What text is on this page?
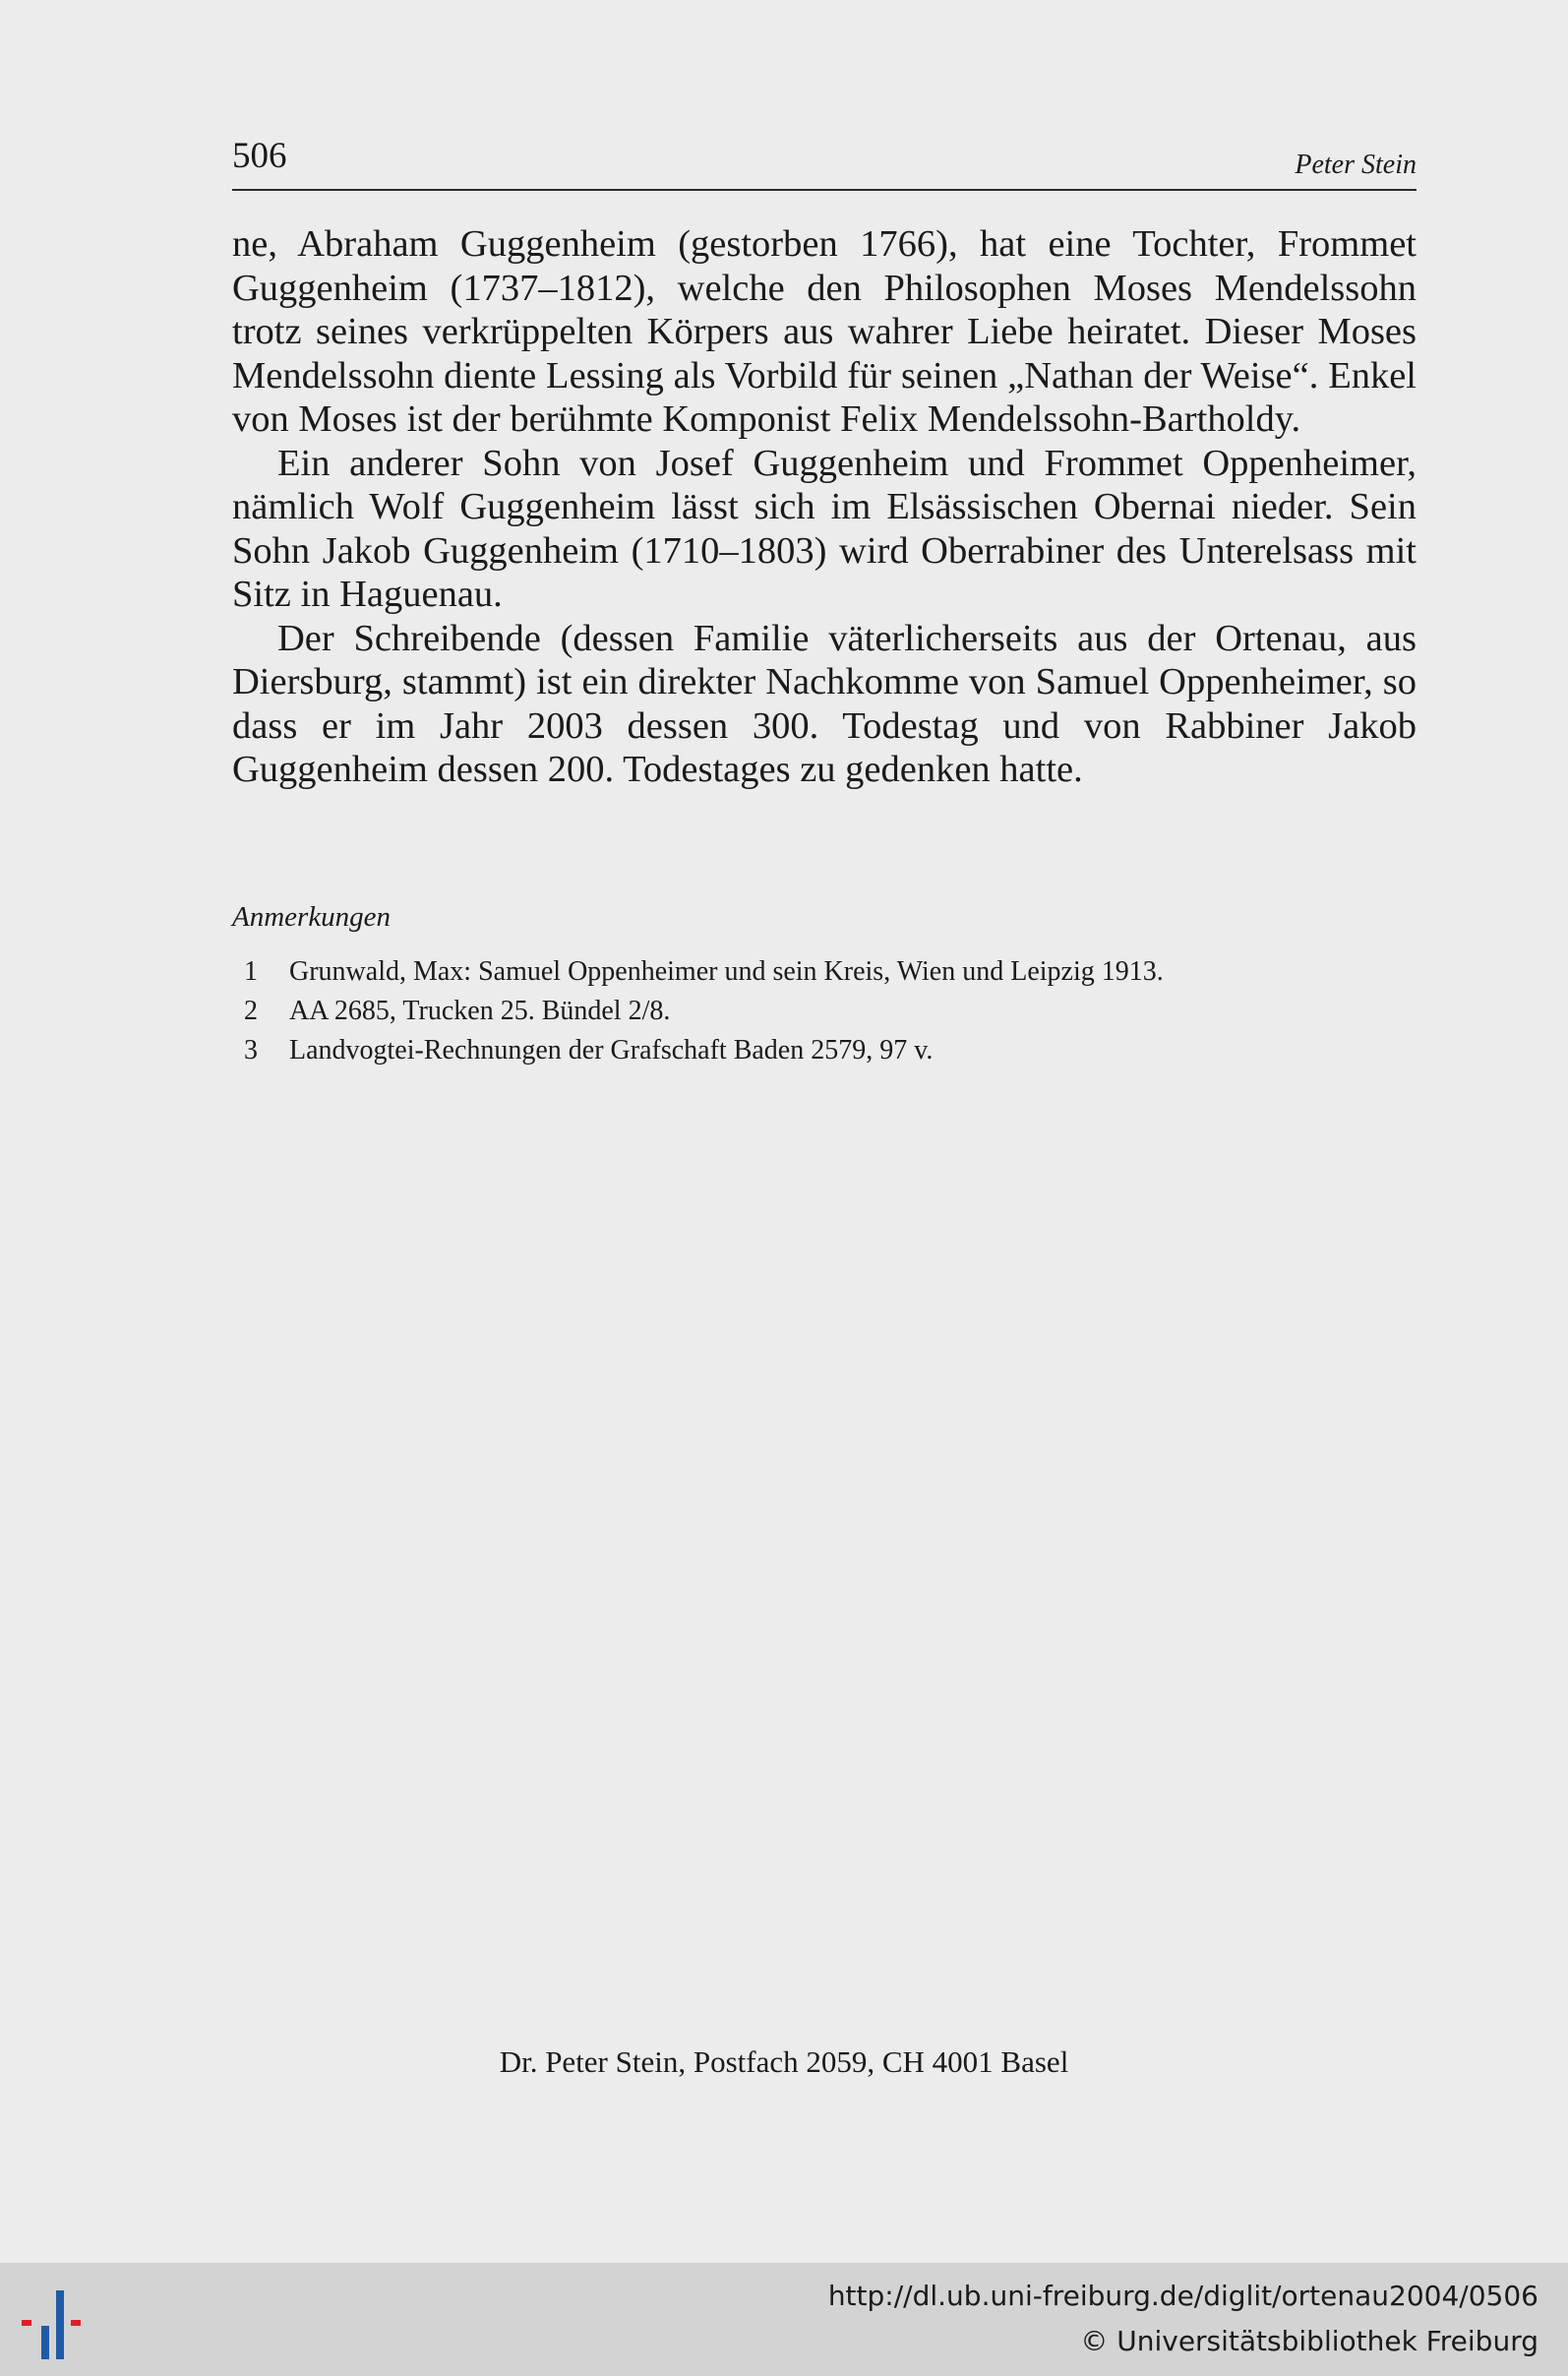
506	Peter Stein

ne, Abraham Guggenheim (gestorben 1766), hat eine Tochter, Frommet Guggenheim (1737–1812), welche den Philosophen Moses Mendelssohn trotz seines verkrüppelten Körpers aus wahrer Liebe heiratet. Dieser Moses Mendelssohn diente Lessing als Vorbild für seinen „Nathan der Weise“. Enkel von Moses ist der berühmte Komponist Felix Mendelssohn-Bartholdy.

Ein anderer Sohn von Josef Guggenheim und Frommet Oppenheimer, nämlich Wolf Guggenheim lässt sich im Elsässischen Obernai nieder. Sein Sohn Jakob Guggenheim (1710–1803) wird Oberrabiner des Unterelsass mit Sitz in Haguenau.

Der Schreibende (dessen Familie väterlicherseits aus der Ortenau, aus Diersburg, stammt) ist ein direkter Nachkomme von Samuel Oppenheimer, so dass er im Jahr 2003 dessen 300. Todestag und von Rabbiner Jakob Guggenheim dessen 200. Todestages zu gedenken hatte.

Anmerkungen
1	Grunwald, Max: Samuel Oppenheimer und sein Kreis, Wien und Leipzig 1913.
2	AA 2685, Trucken 25. Bündel 2/8.
3	Landvogtei-Rechnungen der Grafschaft Baden 2579, 97 v.
Dr. Peter Stein, Postfach 2059, CH 4001 Basel
http://dl.ub.uni-freiburg.de/diglit/ortenau2004/0506
© Universitätsbibliothek Freiburg
